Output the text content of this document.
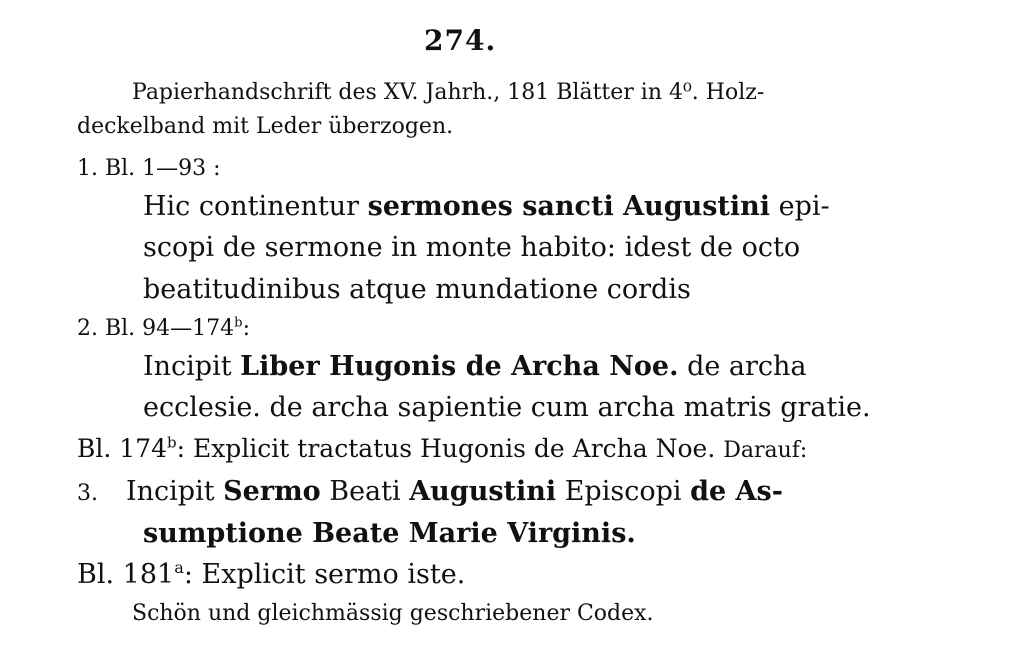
274.
Papierhandschrift des XV. Jahrh., 181 Blätter in 4⁰. Holz-
deckelband mit Leder überzogen.
1. Bl. 1—93 :
Hic continentur sermones sancti Augustini epi-
scopi de sermone in monte habito: idest de octo
beatitudinibus atque mundatione cordis
2. Bl. 94—174$^b$:
Incipit Liber Hugonis de Archa Noe. de archa
ecclesie. de archa sapientie cum archa matris gratie.
Bl. 174$^b$: Explicit tractatus Hugonis de Archa Noe. Darauf:
3. Incipit Sermo Beati Augustini Episcopi de As-
sumptione Beate Marie Virginis.
Bl. 181$^a$: Explicit sermo iste.
Schön und gleichmässig geschriebener Codex.
